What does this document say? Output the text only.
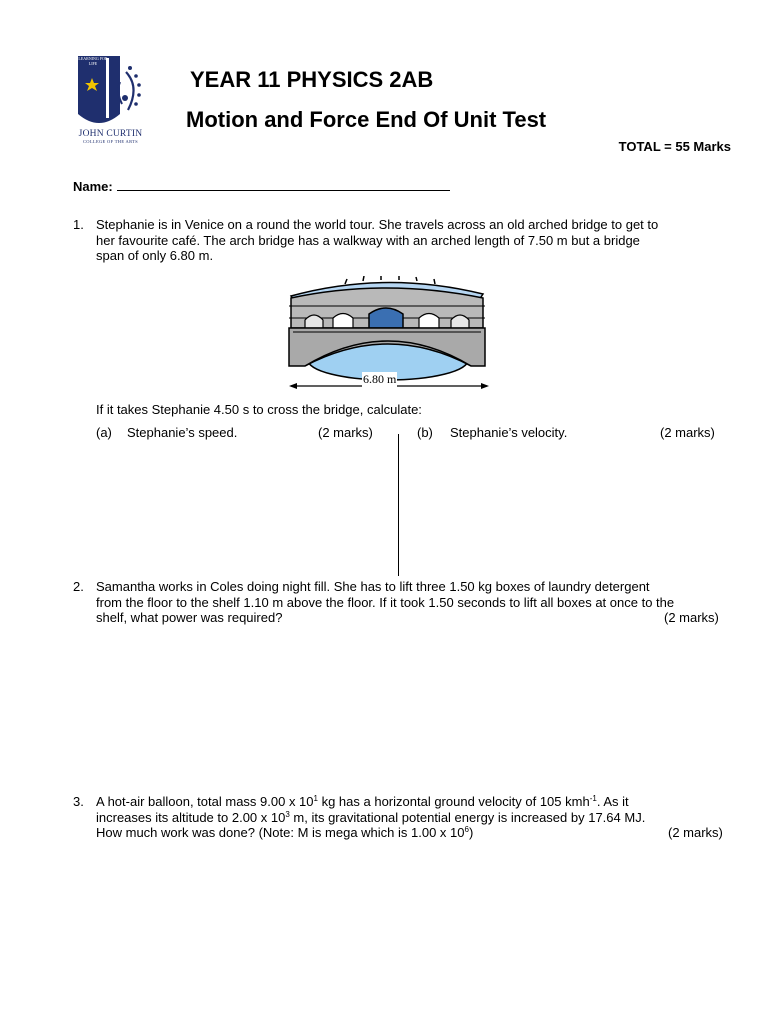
LEARNING FOR LIFE
JOHN CURTIN
COLLEGE OF THE ARTS
YEAR 11 PHYSICS 2AB
Motion and Force End Of Unit Test
TOTAL = 55 Marks
Name:
1. Stephanie is in Venice on a round the world tour. She travels across an old arched bridge to get to
her favourite café. The arch bridge has a walkway with an arched length of 7.50 m but a bridge
span of only 6.80 m.
6.80 m
If it takes Stephanie 4.50 s to cross the bridge, calculate:
(a) Stephanie’s speed.	(2 marks)	(b) Stephanie’s velocity.	(2 marks)
2. Samantha works in Coles doing night fill. She has to lift three 1.50 kg boxes of laundry detergent
from the floor to the shelf 1.10 m above the floor. If it took 1.50 seconds to lift all boxes at once to the
shelf, what power was required?	(2 marks)
3. A hot-air balloon, total mass 9.00 x $10^1$ kg has a horizontal ground velocity of 105 kmh$^{-1}$. As it
increases its altitude to 2.00 x $10^3$ m, its gravitational potential energy is increased by 17.64 MJ.
How much work was done? (Note: M is mega which is 1.00 x $10^6$)	(2 marks)
